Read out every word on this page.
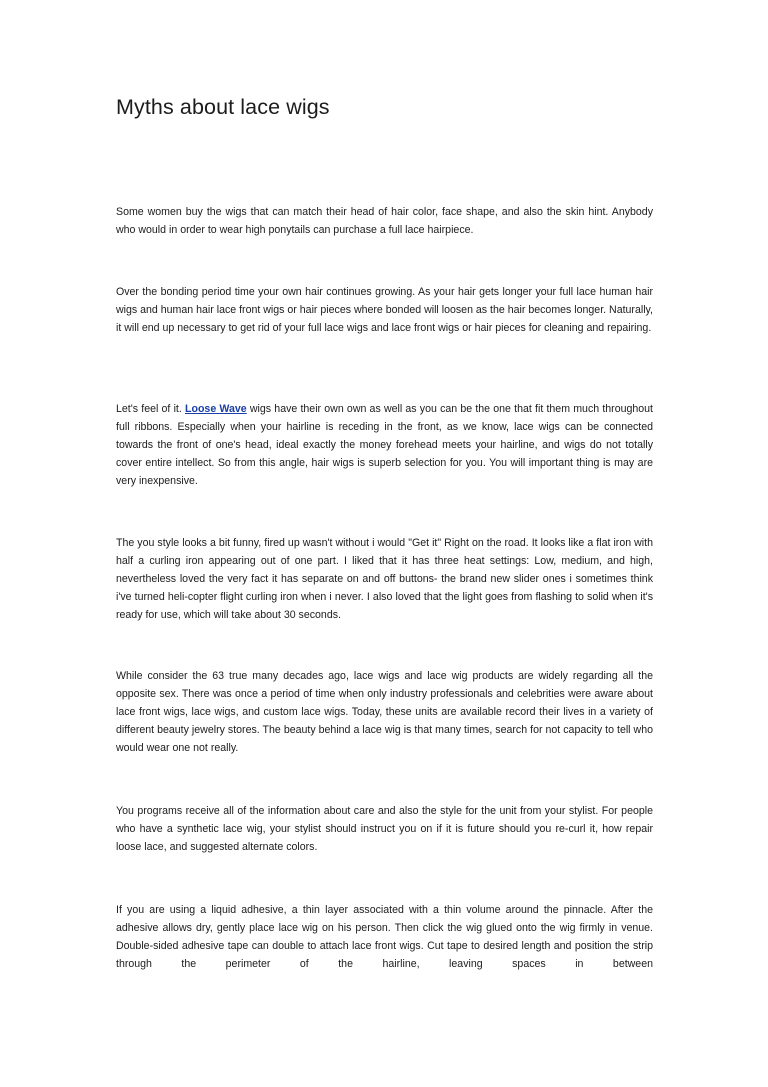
Myths about lace wigs

Some women buy the wigs that can match their head of hair color, face shape, and also the skin hint. Anybody who would in order to wear high ponytails can purchase a full lace hairpiece.

Over the bonding period time your own hair continues growing. As your hair gets longer your full lace human hair wigs and human hair lace front wigs or hair pieces where bonded will loosen as the hair becomes longer. Naturally, it will end up necessary to get rid of your full lace wigs and lace front wigs or hair pieces for cleaning and repairing.

Let's feel of it. Loose Wave wigs have their own own as well as you can be the one that fit them much throughout full ribbons. Especially when your hairline is receding in the front, as we know, lace wigs can be connected towards the front of one's head, ideal exactly the money forehead meets your hairline, and wigs do not totally cover entire intellect. So from this angle, hair wigs is superb selection for you. You will important thing is may are very inexpensive.

The you style looks a bit funny, fired up wasn't without i would "Get it" Right on the road. It looks like a flat iron with half a curling iron appearing out of one part. I liked that it has three heat settings: Low, medium, and high, nevertheless loved the very fact it has separate on and off buttons- the brand new slider ones i sometimes think i've turned heli-copter flight curling iron when i never. I also loved that the light goes from flashing to solid when it's ready for use, which will take about 30 seconds.

While consider the 63 true many decades ago, lace wigs and lace wig products are widely regarding all the opposite sex. There was once a period of time when only industry professionals and celebrities were aware about lace front wigs, lace wigs, and custom lace wigs. Today, these units are available record their lives in a variety of different beauty jewelry stores. The beauty behind a lace wig is that many times, search for not capacity to tell who would wear one not really.

You programs receive all of the information about care and also the style for the unit from your stylist. For people who have a synthetic lace wig, your stylist should instruct you on if it is future should you re-curl it, how repair loose lace, and suggested alternate colors.

If you are using a liquid adhesive, a thin layer associated with a thin volume around the pinnacle. After the adhesive allows dry, gently place lace wig on his person. Then click the wig glued onto the wig firmly in venue. Double-sided adhesive tape can double to attach lace front wigs. Cut tape to desired length and position the strip through the perimeter of the hairline, leaving spaces in between
